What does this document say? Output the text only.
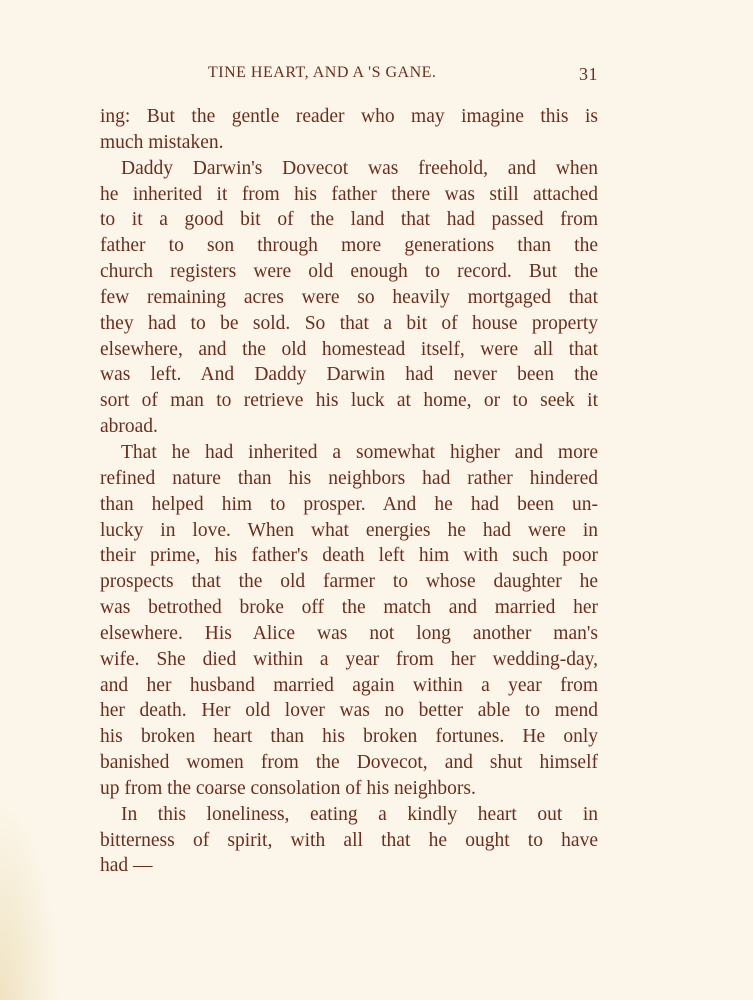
TINE HEART, AND A 'S GANE.	31
ing: But the gentle reader who may imagine this is
much mistaken.
Daddy Darwin's Dovecot was freehold, and when
he inherited it from his father there was still attached
to it a good bit of the land that had passed from
father to son through more generations than the
church registers were old enough to record. But the
few remaining acres were so heavily mortgaged that
they had to be sold. So that a bit of house property
elsewhere, and the old homestead itself, were all that
was left. And Daddy Darwin had never been the
sort of man to retrieve his luck at home, or to seek it
abroad.
That he had inherited a somewhat higher and more
refined nature than his neighbors had rather hindered
than helped him to prosper. And he had been un-
lucky in love. When what energies he had were in
their prime, his father's death left him with such poor
prospects that the old farmer to whose daughter he
was betrothed broke off the match and married her
elsewhere. His Alice was not long another man's
wife. She died within a year from her wedding-day,
and her husband married again within a year from
her death. Her old lover was no better able to mend
his broken heart than his broken fortunes. He only
banished women from the Dovecot, and shut himself
up from the coarse consolation of his neighbors.
In this loneliness, eating a kindly heart out in
bitterness of spirit, with all that he ought to have
had —
